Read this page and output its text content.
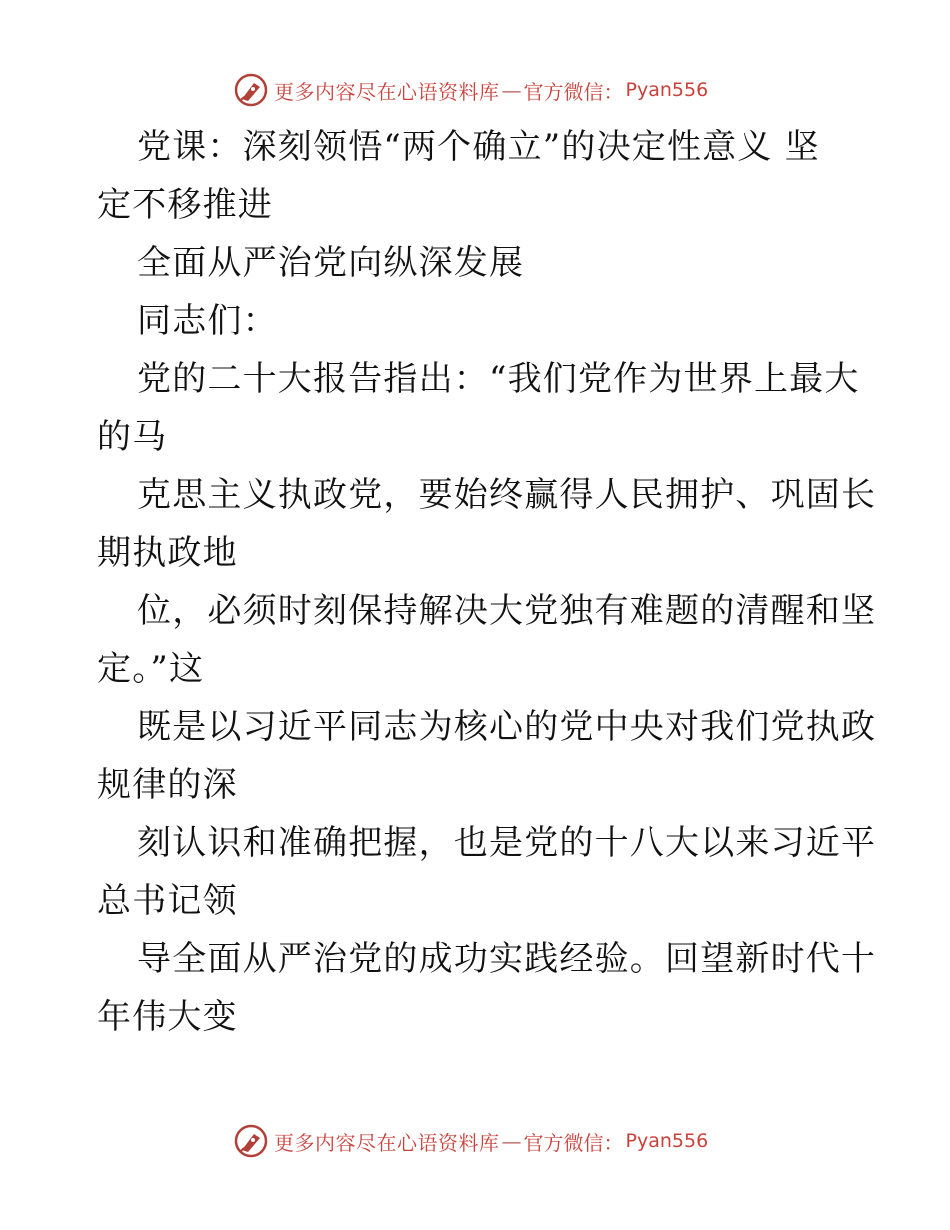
更多内容尽在心语资料库 — 官方微信： Pyan556
党课：深刻领悟“两个确立”的决定性意义 坚
定不移推进
全面从严治党向纵深发展
同志们：
党的二十大报告指出：“我们党作为世界上最大
的马
克思主义执政党，要始终赢得人民拥护、巩固长
期执政地
位，必须时刻保持解决大党独有难题的清醒和坚
定。”这
既是以习近平同志为核心的党中央对我们党执政
规律的深
刻认识和准确把握，也是党的十八大以来习近平
总书记领
导全面从严治党的成功实践经验。回望新时代十
年伟大变
更多内容尽在心语资料库 — 官方微信： Pyan556
